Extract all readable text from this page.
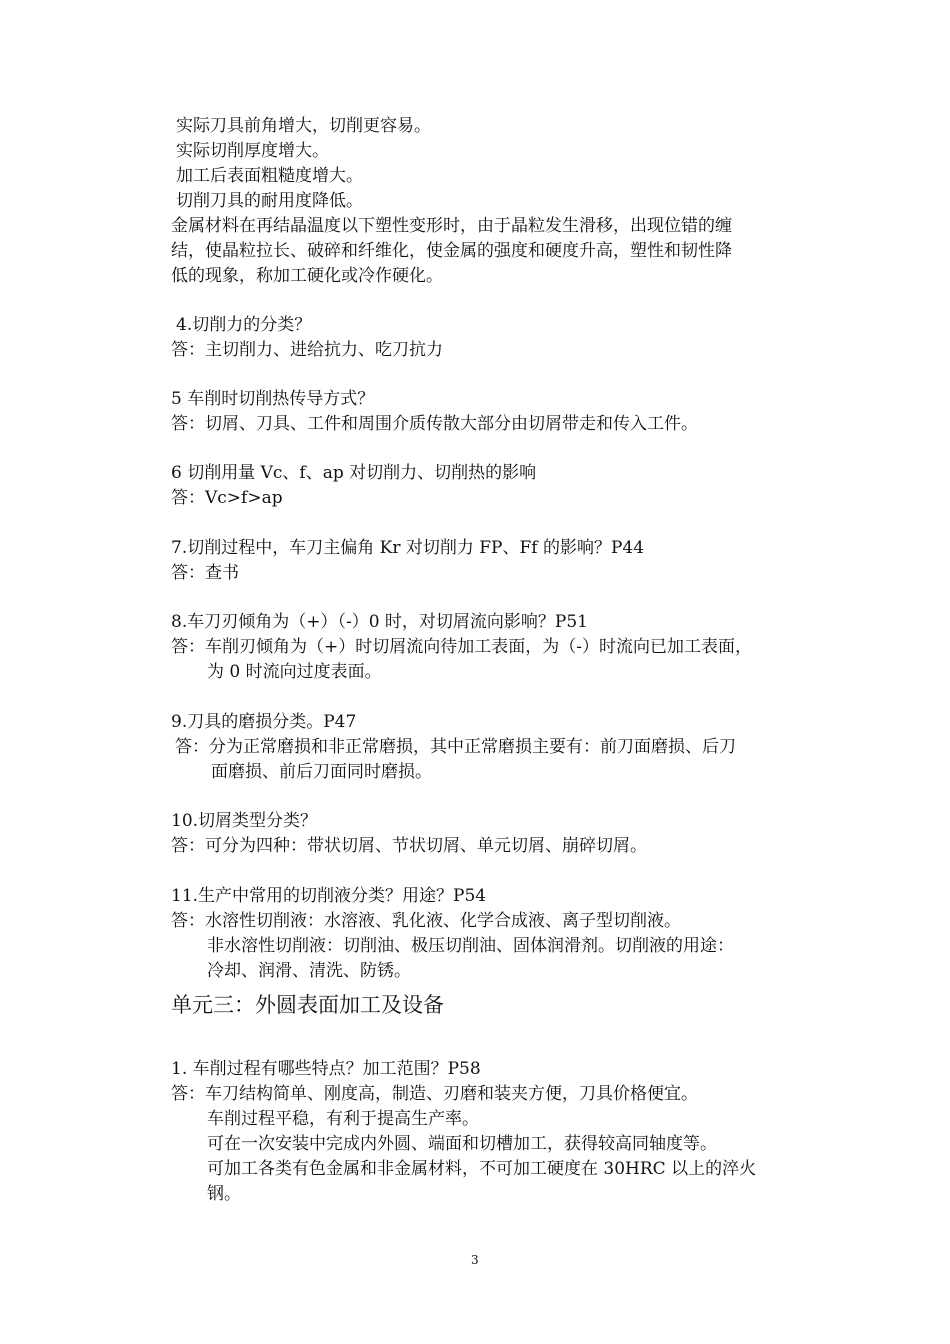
实际刀具前角增大，切削更容易。
实际切削厚度增大。
加工后表面粗糙度增大。
切削刀具的耐用度降低。
金属材料在再结晶温度以下塑性变形时，由于晶粒发生滑移，出现位错的缠
结，使晶粒拉长、破碎和纤维化，使金属的强度和硬度升高，塑性和韧性降
低的现象，称加工硬化或冷作硬化。
4.切削力的分类？
答：主切削力、进给抗力、吃刀抗力
5 车削时切削热传导方式？
答：切屑、刀具、工件和周围介质传散大部分由切屑带走和传入工件。
6 切削用量 Vc、f、ap 对切削力、切削热的影响
答：Vc>f>ap
7.切削过程中，车刀主偏角 Kr 对切削力 FP、Ff 的影响？P44
答：查书
8.车刀刃倾角为（+）（-）0 时，对切屑流向影响？P51
答：车削刃倾角为（+）时切屑流向待加工表面，为（-）时流向已加工表面，
为 0 时流向过度表面。
9.刀具的磨损分类。P47
答：分为正常磨损和非正常磨损，其中正常磨损主要有：前刀面磨损、后刀
面磨损、前后刀面同时磨损。
10.切屑类型分类？
答：可分为四种：带状切屑、节状切屑、单元切屑、崩碎切屑。
11.生产中常用的切削液分类？用途？P54
答：水溶性切削液：水溶液、乳化液、化学合成液、离子型切削液。
非水溶性切削液：切削油、极压切削油、固体润滑剂。切削液的用途：
冷却、润滑、清洗、防锈。
单元三：外圆表面加工及设备
1. 车削过程有哪些特点？加工范围？P58
答：车刀结构简单、刚度高，制造、刃磨和装夹方便，刀具价格便宜。
车削过程平稳，有利于提高生产率。
可在一次安装中完成内外圆、端面和切槽加工，获得较高同轴度等。
可加工各类有色金属和非金属材料，不可加工硬度在 30HRC 以上的淬火
钢。
3
